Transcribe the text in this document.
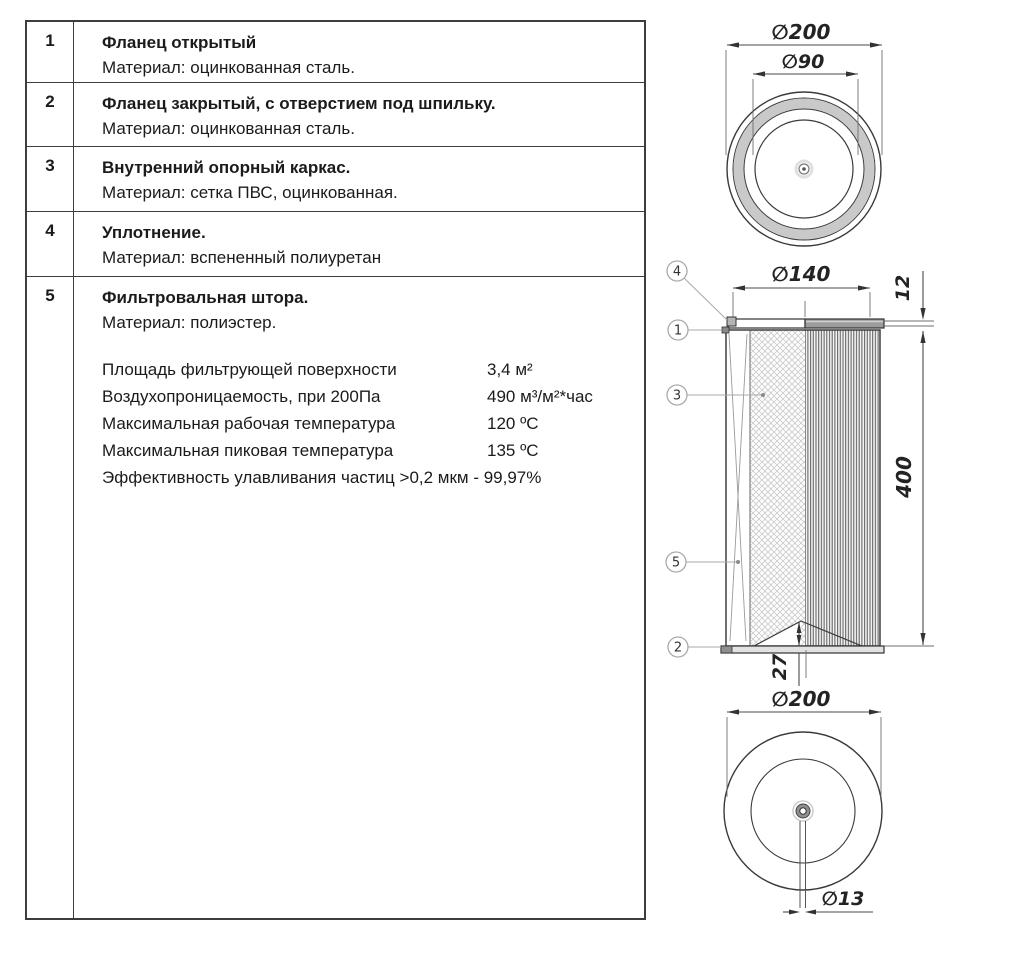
1	Фланец открытый
Материал: оцинкованная сталь.
2	Фланец закрытый, с отверстием под шпильку.
Материал: оцинкованная сталь.
3	Внутренний опорный каркас.
Материал: сетка ПВС, оцинкованная.
4	Уплотнение.
Материал: вспененный полиуретан
5	Фильтровальная штора.
Материал: полиэстер.
Площадь фильтрующей поверхности	3,4 м²
Воздухопроницаемость, при 200Па	490 м³/м²*час
Максимальная рабочая температура	120 ºС
Максимальная пиковая температура	135 ºС
Эффективность улавливания частиц >0,2 мкм - 99,97%
∅200
∅90
∅140
12
400
27
4
1
3
5
2
∅200
∅13
